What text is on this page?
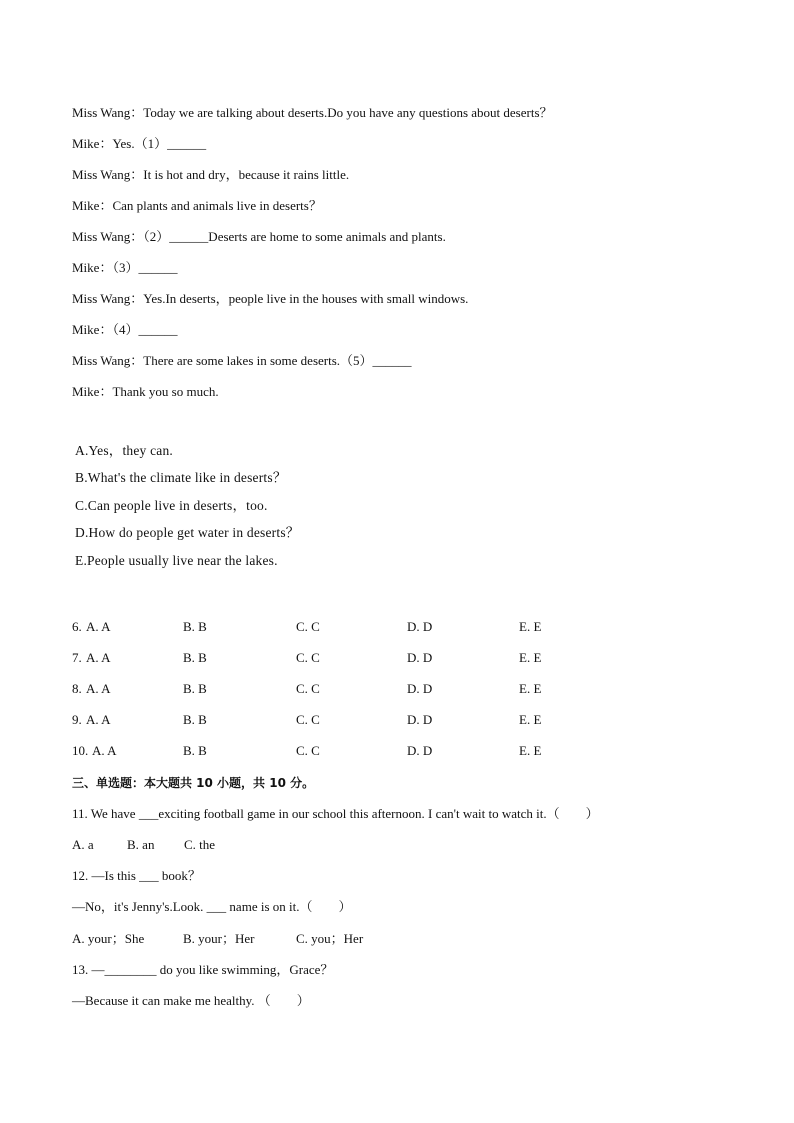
Miss Wang：Today we are talking about deserts.Do you have any questions about deserts？
Mike：Yes.（1）______
Miss Wang：It is hot and dry，because it rains little.
Mike：Can plants and animals live in deserts？
Miss Wang：（2）______Deserts are home to some animals and plants.
Mike：（3）______
Miss Wang：Yes.In deserts，people live in the houses with small windows.
Mike：（4）______
Miss Wang：There are some lakes in some deserts.（5）______
Mike：Thank you so much.
A.Yes，they can.
B.What's the climate like in deserts？
C.Can people live in deserts，too.
D.How do people get water in deserts？
E.People usually live near the lakes.
6. A. A	B. B	C. C	D. D	E. E
7. A. A	B. B	C. C	D. D	E. E
8. A. A	B. B	C. C	D. D	E. E
9. A. A	B. B	C. C	D. D	E. E
10. A. A	B. B	C. C	D. D	E. E
三、单选题：本大题共 10 小题，共 10 分。
11. We have ___exciting football game in our school this afternoon. I can't wait to watch it.（　　）
A. a	B. an C. the
12. —Is this ___ book？
—No，it's Jenny's.Look. ___ name is on it.（　　）
A. your；She	B. your；Her	C. you；Her
13. —________ do you like swimming，Grace？
—Because it can make me healthy. （　　）
